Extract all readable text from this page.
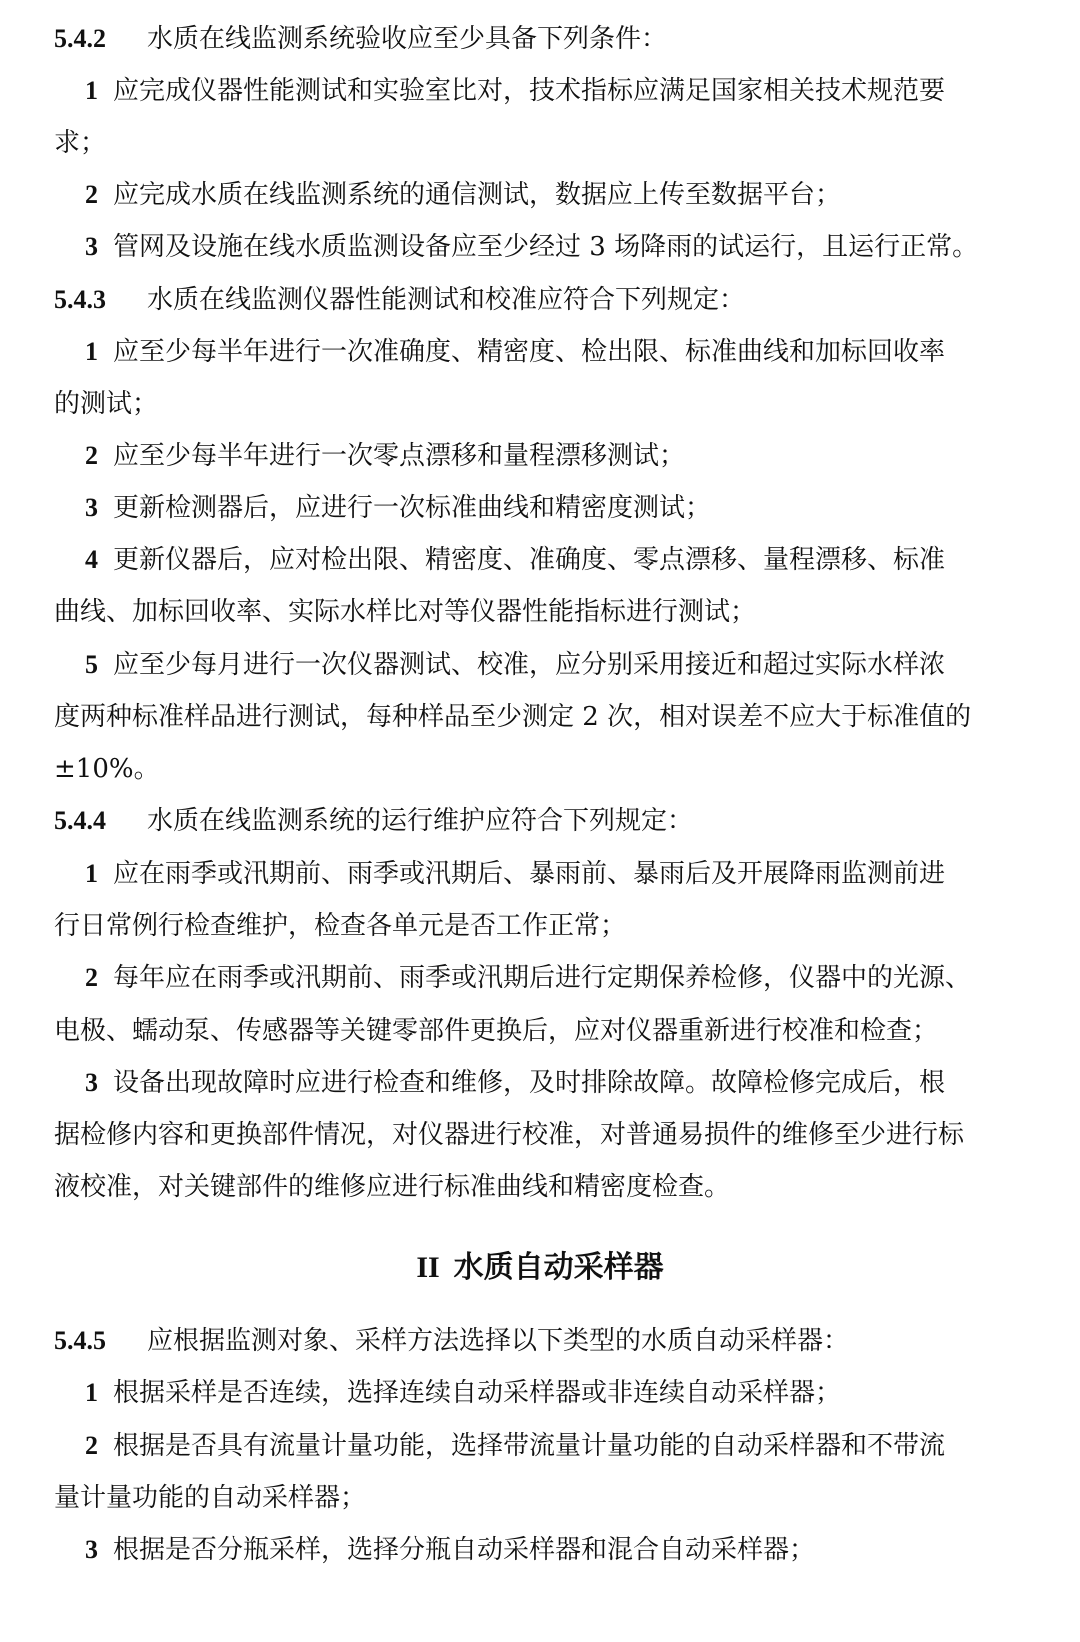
5.4.2 水质在线监测系统验收应至少具备下列条件：
1 应完成仪器性能测试和实验室比对，技术指标应满足国家相关技术规范要
求；
2 应完成水质在线监测系统的通信测试，数据应上传至数据平台；
3 管网及设施在线水质监测设备应至少经过 3 场降雨的试运行，且运行正常。
5.4.3 水质在线监测仪器性能测试和校准应符合下列规定：
1 应至少每半年进行一次准确度、精密度、检出限、标准曲线和加标回收率
的测试；
2 应至少每半年进行一次零点漂移和量程漂移测试；
3 更新检测器后，应进行一次标准曲线和精密度测试；
4 更新仪器后，应对检出限、精密度、准确度、零点漂移、量程漂移、标准
曲线、加标回收率、实际水样比对等仪器性能指标进行测试；
5 应至少每月进行一次仪器测试、校准，应分别采用接近和超过实际水样浓
度两种标准样品进行测试，每种样品至少测定 2 次，相对误差不应大于标准值的
±10%。
5.4.4 水质在线监测系统的运行维护应符合下列规定：
1 应在雨季或汛期前、雨季或汛期后、暴雨前、暴雨后及开展降雨监测前进
行日常例行检查维护，检查各单元是否工作正常；
2 每年应在雨季或汛期前、雨季或汛期后进行定期保养检修，仪器中的光源、
电极、蠕动泵、传感器等关键零部件更换后，应对仪器重新进行校准和检查；
3 设备出现故障时应进行检查和维修，及时排除故障。故障检修完成后，根
据检修内容和更换部件情况，对仪器进行校准，对普通易损件的维修至少进行标
液校准，对关键部件的维修应进行标准曲线和精密度检查。
II 水质自动采样器
5.4.5 应根据监测对象、采样方法选择以下类型的水质自动采样器：
1 根据采样是否连续，选择连续自动采样器或非连续自动采样器；
2 根据是否具有流量计量功能，选择带流量计量功能的自动采样器和不带流
量计量功能的自动采样器；
3 根据是否分瓶采样，选择分瓶自动采样器和混合自动采样器；
